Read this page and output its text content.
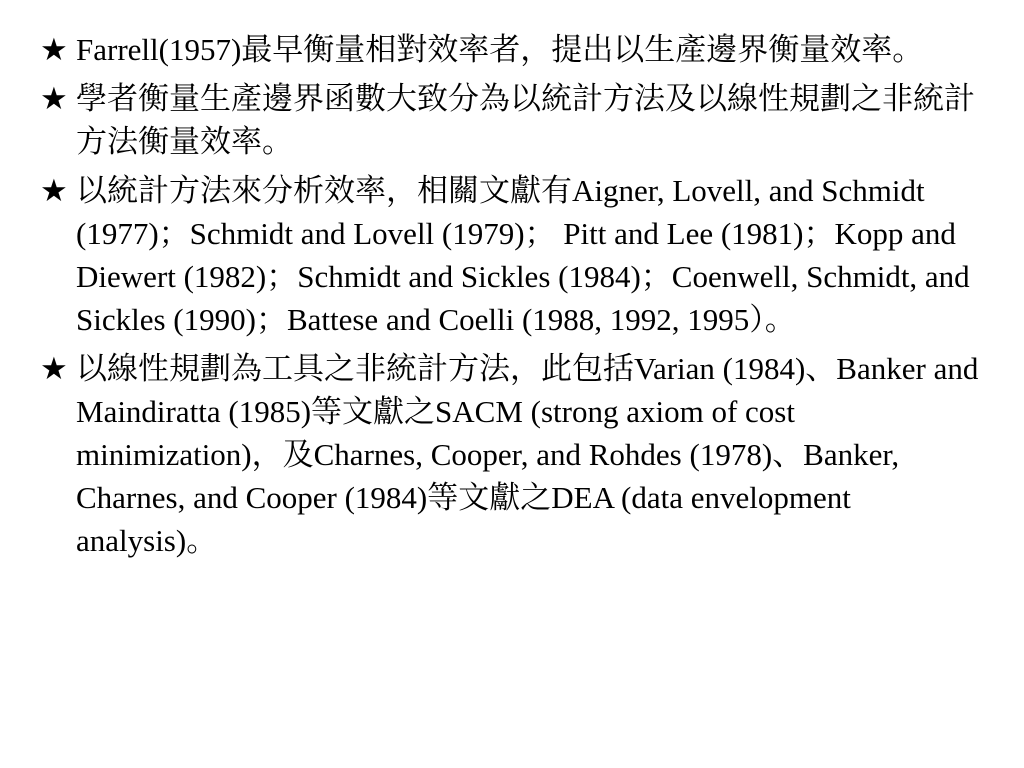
★ Farrell(1957)最早衡量相對效率者，提出以生產邊界衡量效率。
★ 學者衡量生產邊界函數大致分為以統計方法及以線性規劃之非統計方法衡量效率。
★ 以統計方法來分析效率，相關文獻有Aigner, Lovell, and Schmidt (1977)；Schmidt and Lovell (1979)； Pitt and Lee (1981)；Kopp and Diewert (1982)；Schmidt and Sickles (1984)；Coenwell, Schmidt, and Sickles (1990)；Battese and Coelli (1988, 1992, 1995）。
★ 以線性規劃為工具之非統計方法，此包括Varian (1984)、Banker and Maindiratta (1985)等文獻之SACM (strong axiom of cost minimization)，及Charnes, Cooper, and Rohdes (1978)、Banker, Charnes, and Cooper (1984)等文獻之DEA (data envelopment analysis)。
